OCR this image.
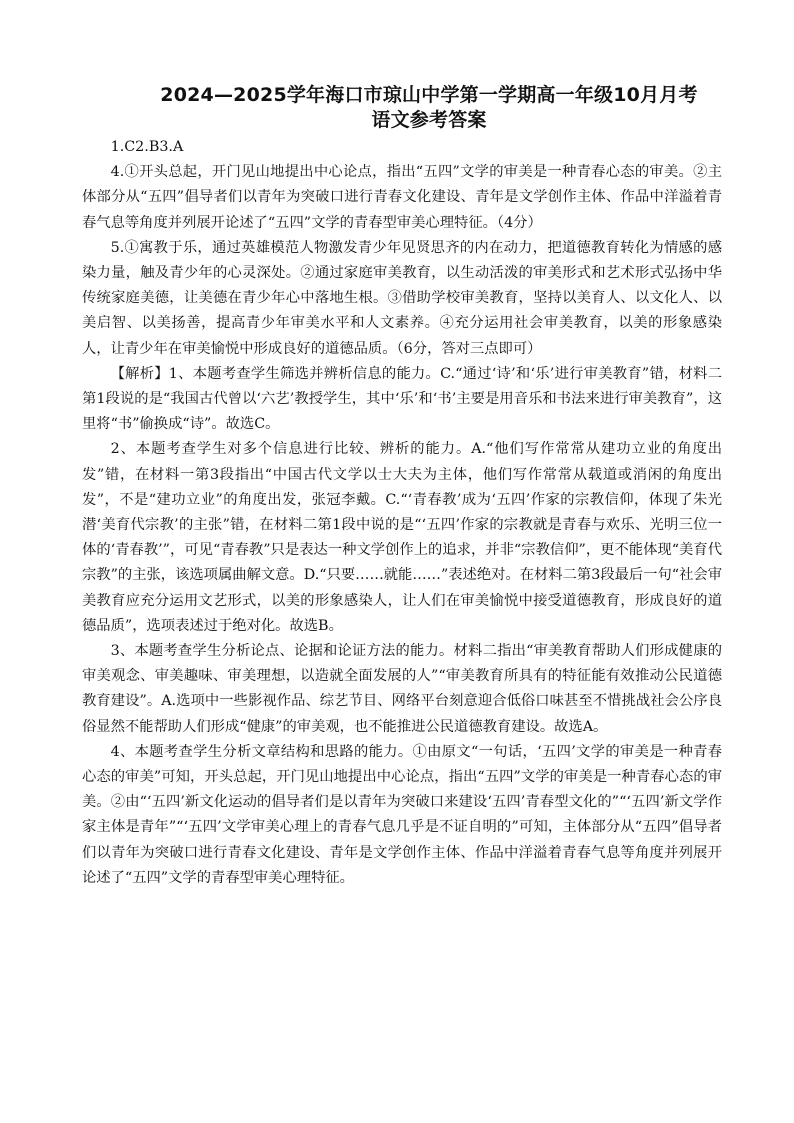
2024—2025学年海口市琼山中学第一学期高一年级10月月考
语文参考答案

1.C2.B3.A

4.①开头总起，开门见山地提出中心论点，指出“五四”文学的审美是一种青春心态的审美。②主体部分从“五四”倡导者们以青年为突破口进行青春文化建设、青年是文学创作主体、作品中洋溢着青春气息等角度并列展开论述了“五四”文学的青春型审美心理特征。（4分）

5.①寓教于乐，通过英雄模范人物激发青少年见贤思齐的内在动力，把道德教育转化为情感的感染力量，触及青少年的心灵深处。②通过家庭审美教育，以生动活泼的审美形式和艺术形式弘扬中华传统家庭美德，让美德在青少年心中落地生根。③借助学校审美教育，坚持以美育人、以文化人、以美启智、以美扬善，提高青少年审美水平和人文素养。④充分运用社会审美教育，以美的形象感染人，让青少年在审美愉悦中形成良好的道德品质。（6分，答对三点即可）

【解析】1、本题考查学生筛选并辨析信息的能力。C.“通过‘诗’和‘乐’进行审美教育”错，材料二第1段说的是“我国古代曾以‘六艺’教授学生，其中‘乐’和‘书’主要是用音乐和书法来进行审美教育”，这里将“书”偷换成“诗”。故选C。

2、本题考查学生对多个信息进行比较、辨析的能力。A.“他们写作常常从建功立业的角度出发”错，在材料一第3段指出“中国古代文学以士大夫为主体，他们写作常常从载道或消闲的角度出发”，不是“建功立业”的角度出发，张冠李戴。C.“‘青春教’成为‘五四’作家的宗教信仰，体现了朱光潜‘美育代宗教’的主张”错，在材料二第1段中说的是“‘五四’作家的宗教就是青春与欢乐、光明三位一体的‘青春教’”，可见“青春教”只是表达一种文学创作上的追求，并非“宗教信仰”，更不能体现“美育代宗教”的主张，该选项属曲解文意。D.“只要……就能……”表述绝对。在材料二第3段最后一句“社会审美教育应充分运用文艺形式，以美的形象感染人，让人们在审美愉悦中接受道德教育，形成良好的道德品质”，选项表述过于绝对化。故选B。

3、本题考查学生分析论点、论据和论证方法的能力。材料二指出“审美教育帮助人们形成健康的审美观念、审美趣味、审美理想，以造就全面发展的人”“审美教育所具有的特征能有效推动公民道德教育建设”。A.选项中一些影视作品、综艺节目、网络平台刻意迎合低俗口味甚至不惜挑战社会公序良俗显然不能帮助人们形成“健康”的审美观，也不能推进公民道德教育建设。故选A。

4、本题考查学生分析文章结构和思路的能力。①由原文“一句话，‘五四’文学的审美是一种青春心态的审美”可知，开头总起，开门见山地提出中心论点，指出“五四”文学的审美是一种青春心态的审美。②由“‘五四’新文化运动的倡导者们是以青年为突破口来建设‘五四’青春型文化的”“‘五四’新文学作家主体是青年”“‘五四’文学审美心理上的青春气息几乎是不证自明的”可知，主体部分从“五四”倡导者们以青年为突破口进行青春文化建设、青年是文学创作主体、作品中洋溢着青春气息等角度并列展开论述了“五四”文学的青春型审美心理特征。
